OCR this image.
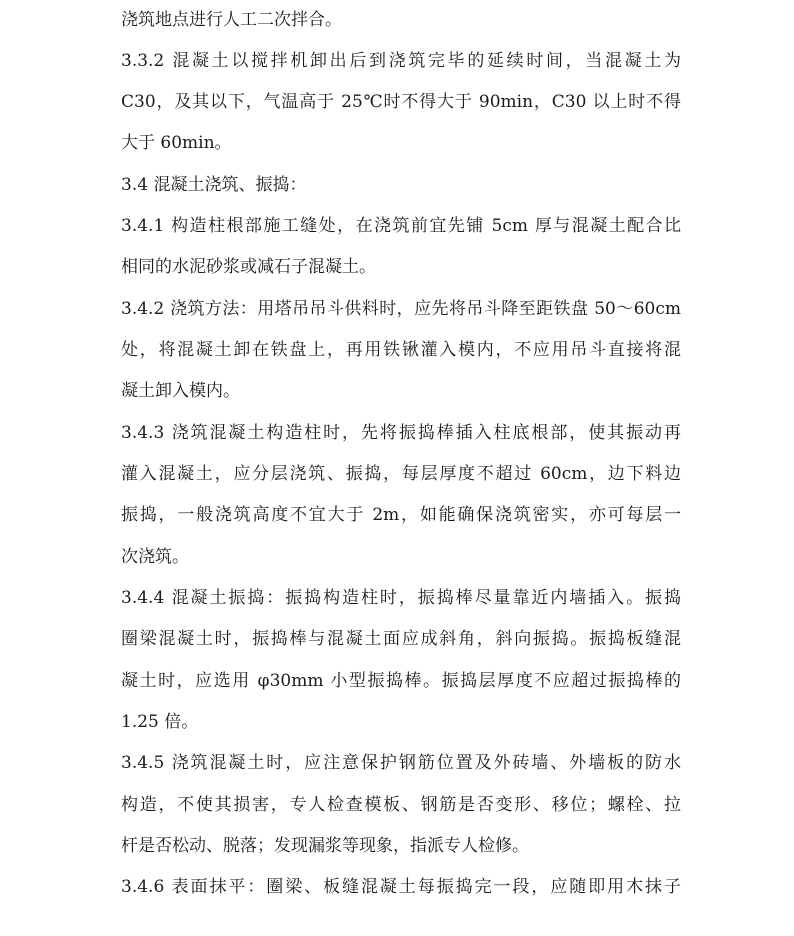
浇筑地点进行人工二次拌合。
3.3.2 混凝土以搅拌机卸出后到浇筑完毕的延续时间，当混凝土为
C30，及其以下，气温高于 25℃时不得大于 90min，C30 以上时不得
大于 60min。
3.4 混凝土浇筑、振捣：
3.4.1 构造柱根部施工缝处，在浇筑前宜先铺 5cm 厚与混凝土配合比
相同的水泥砂浆或减石子混凝土。
3.4.2 浇筑方法：用塔吊吊斗供料时，应先将吊斗降至距铁盘 50～60cm
处，将混凝土卸在铁盘上，再用铁锹灌入模内，不应用吊斗直接将混
凝土卸入模内。
3.4.3 浇筑混凝土构造柱时，先将振捣棒插入柱底根部，使其振动再
灌入混凝土，应分层浇筑、振捣，每层厚度不超过 60cm，边下料边
振捣，一般浇筑高度不宜大于 2m，如能确保浇筑密实，亦可每层一
次浇筑。
3.4.4 混凝土振捣：振捣构造柱时，振捣棒尽量靠近内墙插入。振捣
圈梁混凝土时，振捣棒与混凝土面应成斜角，斜向振捣。振捣板缝混
凝土时，应选用 φ30mm 小型振捣棒。振捣层厚度不应超过振捣棒的
1.25 倍。
3.4.5 浇筑混凝土时，应注意保护钢筋位置及外砖墙、外墙板的防水
构造，不使其损害，专人检查模板、钢筋是否变形、移位；螺栓、拉
杆是否松动、脱落；发现漏浆等现象，指派专人检修。
3.4.6 表面抹平：圈梁、板缝混凝土每振捣完一段，应随即用木抹子
